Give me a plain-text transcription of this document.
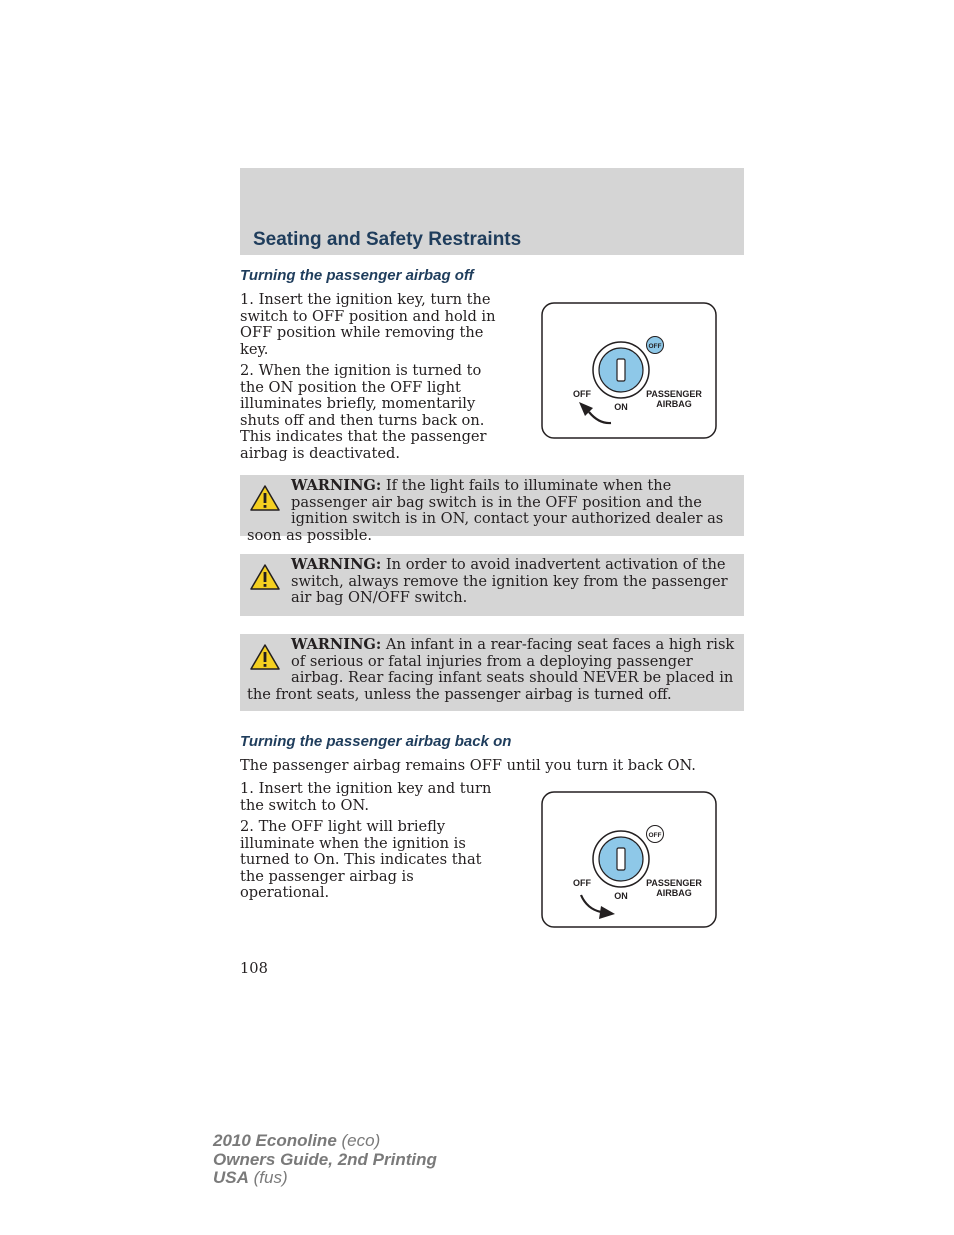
Seating and Safety Restraints
Turning the passenger airbag off

1. Insert the ignition key, turn the switch to OFF position and hold in OFF position while removing the key.

2. When the ignition is turned to the ON position the OFF light illuminates briefly, momentarily shuts off and then turns back on. This indicates that the passenger airbag is deactivated.

OFF
OFF
ON
PASSENGER
AIRBAG
WARNING: If the light fails to illuminate when the passenger air bag switch is in the OFF position and the ignition switch is in ON, contact your authorized dealer as soon as possible.
WARNING: In order to avoid inadvertent activation of the switch, always remove the ignition key from the passenger air bag ON/OFF switch.
WARNING: An infant in a rear-facing seat faces a high risk of serious or fatal injuries from a deploying passenger airbag. Rear facing infant seats should NEVER be placed in the front seats, unless the passenger airbag is turned off.
Turning the passenger airbag back on

The passenger airbag remains OFF until you turn it back ON.

1. Insert the ignition key and turn the switch to ON.

2. The OFF light will briefly illuminate when the ignition is turned to On. This indicates that the passenger airbag is operational.

OFF
OFF
ON
PASSENGER
AIRBAG
108
2010 Econoline (eco)
Owners Guide, 2nd Printing
USA (fus)
